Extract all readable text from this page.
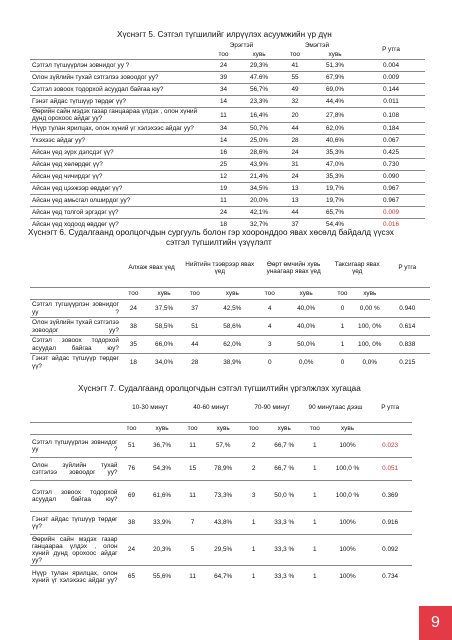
Хүснэгт 5. Сэтгэл түгшилийг илрүүлэх асуумжийн үр дүн
	Эрэгтэй		Эмэгтэй		P утга
	тоо	хувь	тоо	хувь	
Сэтгэл түгшүүрлэн зовнидог уу ?	24	29,3%	41	51,3%	0.004
Олон зүйлийн тухай сэтгэлээ зовоодог уу?	39	47.6%	55	67,9%	0.009
Сэтгэл зовоох тодорхой асуудал байгаа юу?	34	56,7%	49	69,0%	0.144
Гэнэт айдас түгшүүр төрдөг үү?	14	23,3%	32	44,4%	0.011
Өөрийн сайн мэдэх газар ганцаараа үлдэх , олон хүний дунд орохоос айдаг уу?	11	16,4%	20	27,8%	0.108
Нүүр тулан ярилцах, олон хүний үг хэлэхээс айдаг уу?	34	50,7%	44	62,0%	0.184
Үхэхээс айдаг уу?	14	25,0%	28	40,6%	0.067
Айсан үед зүрх дэлсдэг үү?	16	28,6%	24	35,3%	0.425
Айсан үед хөлөрдөг үү?	25	43,9%	31	47,0%	0.730
Айсан үед чичирдэг үү?	12	21,4%	24	35,3%	0.090
Айсан үед цээжээр өвддөг үү?	19	34,5%	13	19,7%	0.967
Айсан үед амьсгал олширдог уу?	11	20,0%	13	19,7%	0.967
Айсан үед толгой эргэдэг үү?	24	42,1%	44	65,7%	0.009
Айсан үед ходоод өвддөг үү?	18	32,7%	37	54,4%	0.016
Хүснэгт 6. Судалгаанд оролцогчдын сургууль болон гэр хооронддоо явах хөсөлд байдалд үүсэх
сэтгэл түгшилтийн үзүүлэлт
	Алхаж явах үед		Нийтийн тээврээр явах үед		Өөрт өмчийн хувь унаагаар явах үед		Таксигаар явах үед		P утга
	тоо	хувь	тоо	хувь	тоо	хувь	тоо	хувь	
Сэтгэл түгшүүрлэн зовнидог уу ?	24	37,5%	37	42,5%	4	40,0%	0	0,00 %	0.940
Олон зүйлийн тухай сэтгэлээ зовоодог уу?	38	58,5%	51	58,6%	4	40,0%	1	100, 0%	0.614
Сэтгэл зовоох тодорхой асуудал байгаа юу?	35	66,0%	44	62,0%	3	50,0%	1	100, 0%	0.838
Гэнэт айдас түгшүүр төрдөг үү?	18	34,0%	28	38,9%	0	0,0%	0	0,0%	0.215
Хүснэгт 7. Судалгаанд оролцогчдын сэтгэл түгшилтийн үргэлжлэх хугацаа
	10-30 минут		40-60 минут		70-90 минут		90 минутаас дээш		P утга
	тоо	хувь	тоо	хувь	тоо	хувь	тоо	хувь	
Сэтгэл түгшүүрлэн зовнидог уу ?	51	36,7%	11	57,%	2	66,7 %	1	100%	0.023
Олон зүйлийн тухай сэтгэлээ зовоодог уу?	76	54,3%	15	78,9%	2	66,7 %	1	100,0 %	0.051
Сэтгэл зовоох тодорхой асуудал байгаа юу?	69	61,6%	11	73,3%	3	50,0 %	1	100,0 %	0.369
Гэнэт айдас түгшүүр төрдөг үү?	38	33,9%	7	43,8%	1	33,3 %	1	100%	0.916
Өөрийн сайн мэдэх газар ганцаараа үлдэх , олон хүний дунд орохоос айдаг уу?	24	20,3%	5	29,5%	1	33,3 %	1	100%	0.092
Нүүр тулан ярилцах, олон хүний үг хэлэхээс айдаг уу?	65	55,6%	11	64,7%	1	33,3 %	1	100%	0.734
9
